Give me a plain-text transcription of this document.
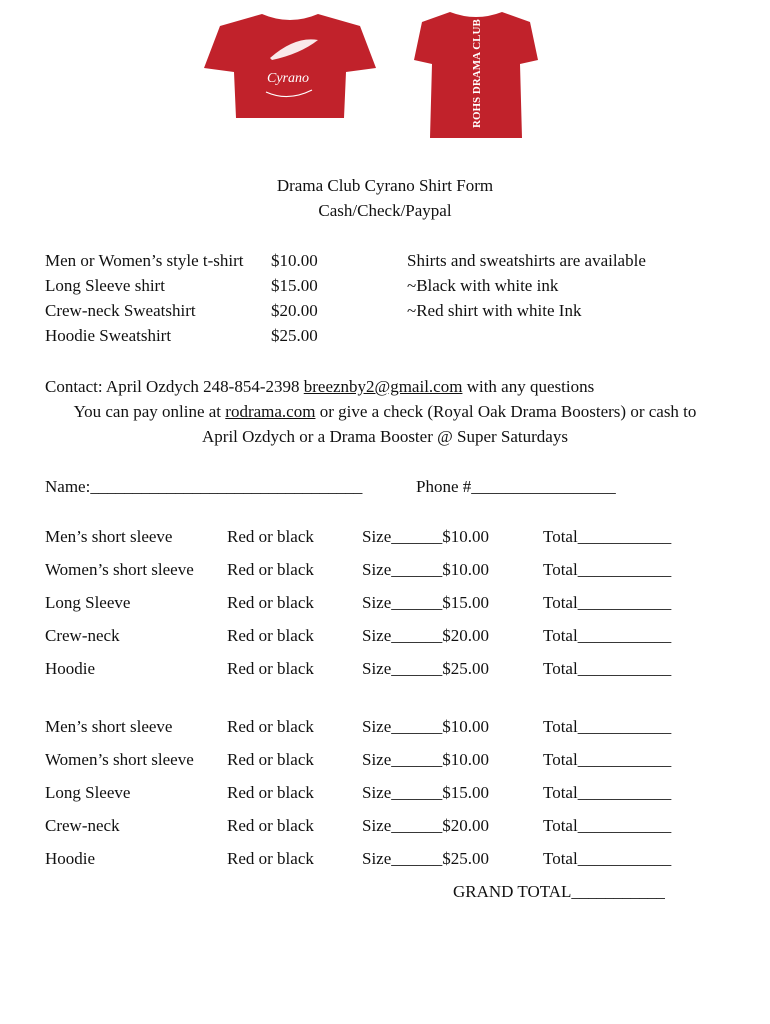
Cyrano	ROHS DRAMA CLUB
Drama Club Cyrano Shirt Form
Cash/Check/Paypal
Men or Women’s style t-shirt $10.00
Long Sleeve shirt	$15.00
Crew-neck Sweatshirt	$20.00
Hoodie Sweatshirt	$25.00
Shirts and sweatshirts are available
~Black with white ink
~Red shirt with white Ink
Contact: April Ozdych 248-854-2398 breeznby2@gmail.com with any questions
You can pay online at rodrama.com or give a check (Royal Oak Drama Boosters) or cash to
April Ozdych or a Drama Booster @ Super Saturdays
Name:________________________________	Phone #_________________
Men’s short sleeve	Red or black	Size______$10.00	Total___________
Women’s short sleeve Red or black	Size______$10.00	Total___________
Long Sleeve	Red or black	Size______$15.00	Total___________
Crew-neck	Red or black	Size______$20.00	Total___________
Hoodie	Red or black	Size______$25.00	Total___________
Men’s short sleeve	Red or black	Size______$10.00	Total___________
Women’s short sleeve Red or black	Size______$10.00	Total___________
Long Sleeve	Red or black	Size______$15.00	Total___________
Crew-neck	Red or black	Size______$20.00	Total___________
Hoodie	Red or black	Size______$25.00	Total___________
GRAND TOTAL___________
